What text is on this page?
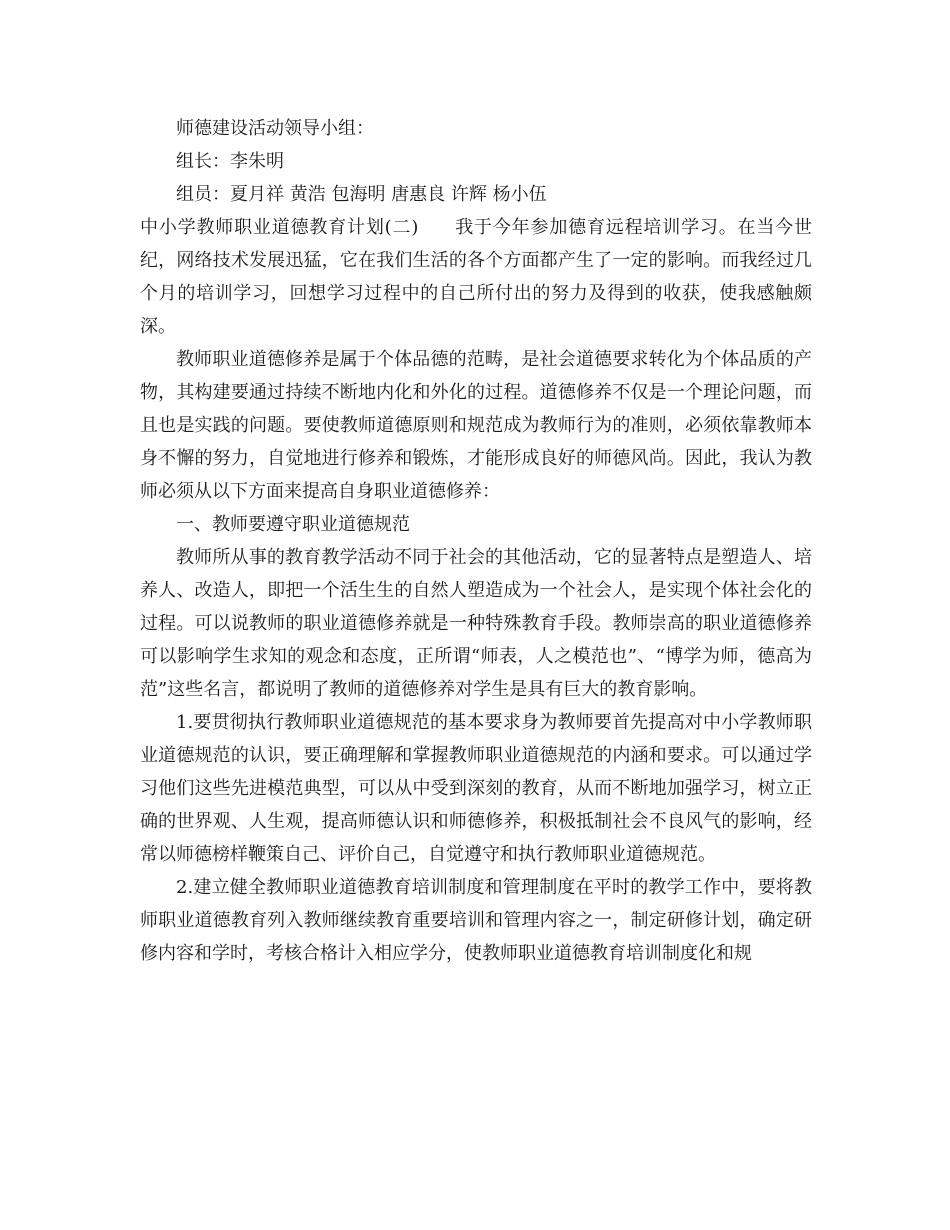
师德建设活动领导小组：

组长：李朱明

组员：夏月祥 黄浩 包海明 唐惠良 许辉 杨小伍

中小学教师职业道德教育计划(二) 我于今年参加德育远程培训学习。在当今世纪，网络技术发展迅猛，它在我们生活的各个方面都产生了一定的影响。而我经过几个月的培训学习，回想学习过程中的自己所付出的努力及得到的收获，使我感触颇深。

教师职业道德修养是属于个体品德的范畴，是社会道德要求转化为个体品质的产物，其构建要通过持续不断地内化和外化的过程。道德修养不仅是一个理论问题，而且也是实践的问题。要使教师道德原则和规范成为教师行为的准则，必须依靠教师本身不懈的努力，自觉地进行修养和锻炼，才能形成良好的师德风尚。因此，我认为教师必须从以下方面来提高自身职业道德修养：

一、教师要遵守职业道德规范

教师所从事的教育教学活动不同于社会的其他活动，它的显著特点是塑造人、培养人、改造人，即把一个活生生的自然人塑造成为一个社会人，是实现个体社会化的过程。可以说教师的职业道德修养就是一种特殊教育手段。教师崇高的职业道德修养可以影响学生求知的观念和态度，正所谓“师表，人之模范也”、“博学为师，德高为范”这些名言，都说明了教师的道德修养对学生是具有巨大的教育影响。

1.要贯彻执行教师职业道德规范的基本要求身为教师要首先提高对中小学教师职业道德规范的认识，要正确理解和掌握教师职业道德规范的内涵和要求。可以通过学习他们这些先进模范典型，可以从中受到深刻的教育，从而不断地加强学习，树立正确的世界观、人生观，提高师德认识和师德修养，积极抵制社会不良风气的影响，经常以师德榜样鞭策自己、评价自己，自觉遵守和执行教师职业道德规范。

2.建立健全教师职业道德教育培训制度和管理制度在平时的教学工作中，要将教师职业道德教育列入教师继续教育重要培训和管理内容之一，制定研修计划，确定研修内容和学时，考核合格计入相应学分，使教师职业道德教育培训制度化和规
